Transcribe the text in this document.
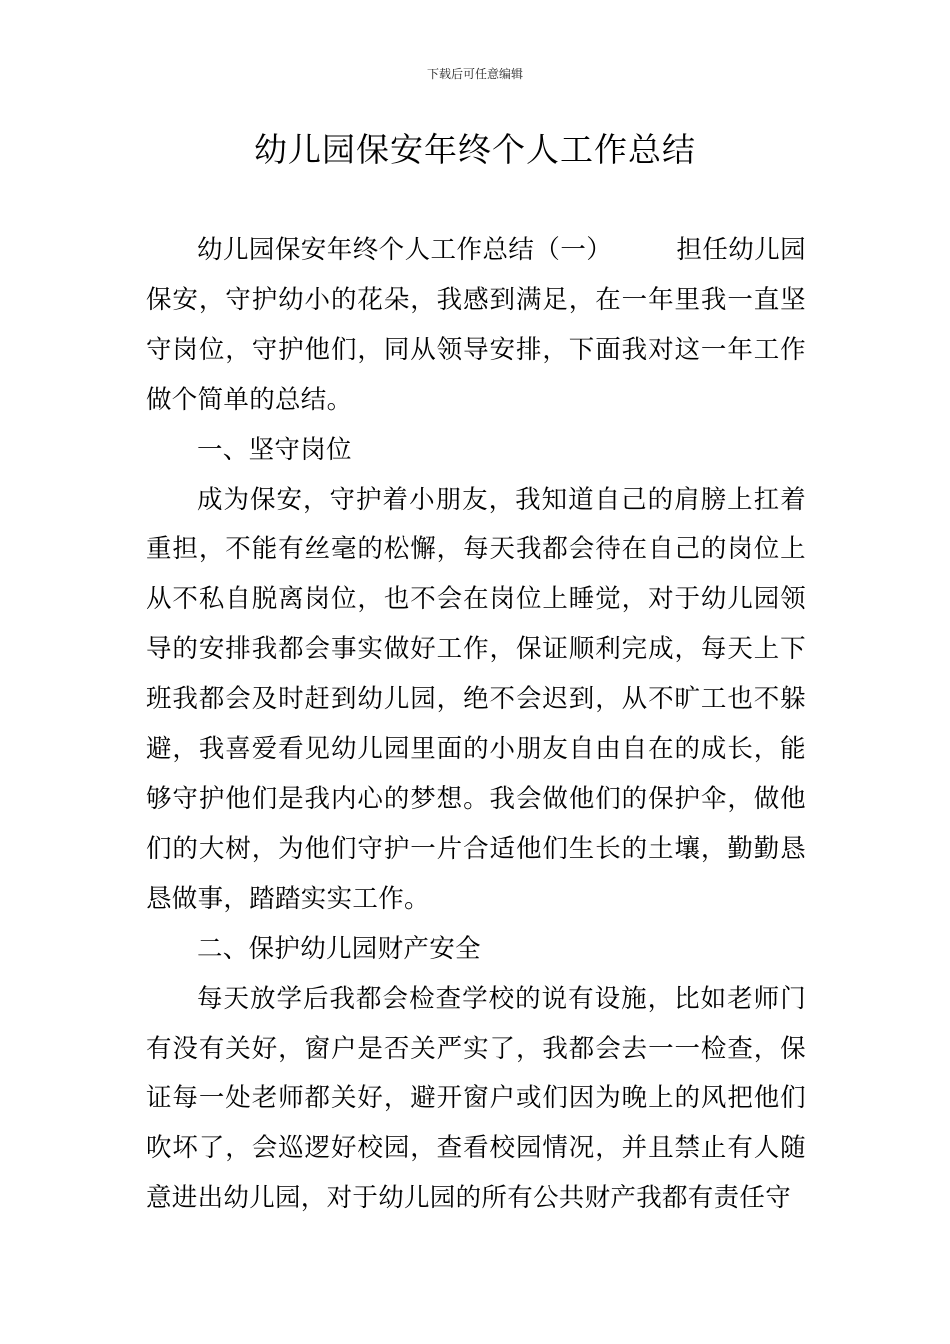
下载后可任意编辑
幼儿园保安年终个人工作总结

幼儿园保安年终个人工作总结（一）	担任幼儿园保安，守护幼小的花朵，我感到满足，在一年里我一直坚守岗位，守护他们，同从领导安排，下面我对这一年工作做个简单的总结。

一、坚守岗位

成为保安，守护着小朋友，我知道自己的肩膀上扛着重担，不能有丝毫的松懈，每天我都会待在自己的岗位上从不私自脱离岗位，也不会在岗位上睡觉，对于幼儿园领导的安排我都会事实做好工作，保证顺利完成，每天上下班我都会及时赶到幼儿园，绝不会迟到，从不旷工也不躲避，我喜爱看见幼儿园里面的小朋友自由自在的成长，能够守护他们是我内心的梦想。我会做他们的保护伞，做他们的大树，为他们守护一片合适他们生长的土壤，勤勤恳恳做事，踏踏实实工作。

二、保护幼儿园财产安全

每天放学后我都会检查学校的说有设施，比如老师门有没有关好，窗户是否关严实了，我都会去一一检查，保证每一处老师都关好，避开窗户或们因为晚上的风把他们吹坏了，会巡逻好校园，查看校园情况，并且禁止有人随意进出幼儿园，对于幼儿园的所有公共财产我都有责任守
